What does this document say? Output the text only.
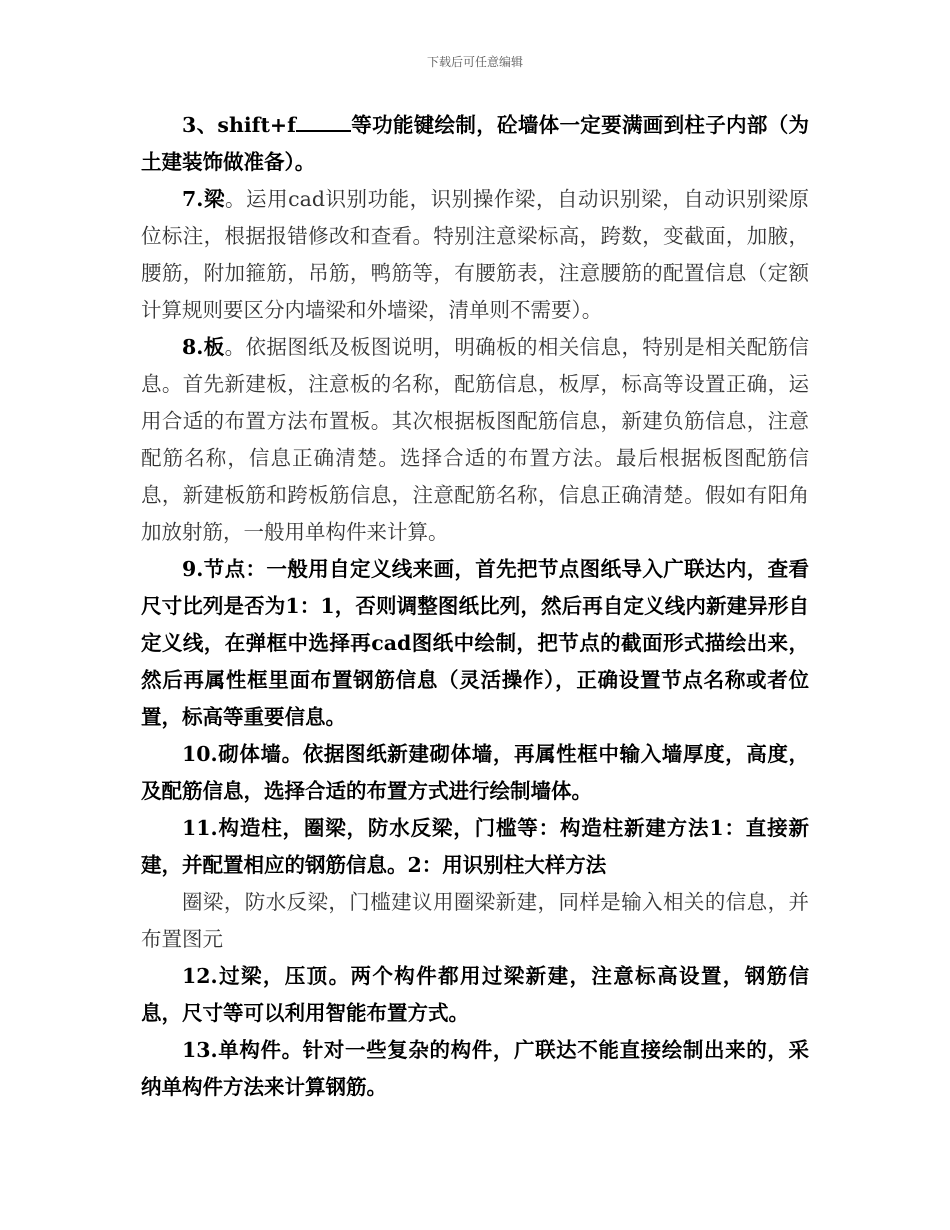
下载后可任意编辑

3、shift+f	等功能键绘制，砼墙体一定要满画到柱子内部（为土建装饰做准备）。

7.梁。运用cad识别功能，识别操作梁，自动识别梁，自动识别梁原位标注，根据报错修改和查看。特别注意梁标高，跨数，变截面，加腋，腰筋，附加箍筋，吊筋，鸭筋等，有腰筋表，注意腰筋的配置信息（定额计算规则要区分内墙梁和外墙梁，清单则不需要）。

8.板。依据图纸及板图说明，明确板的相关信息，特别是相关配筋信息。首先新建板，注意板的名称，配筋信息，板厚，标高等设置正确，运用合适的布置方法布置板。其次根据板图配筋信息，新建负筋信息，注意配筋名称，信息正确清楚。选择合适的布置方法。最后根据板图配筋信息，新建板筋和跨板筋信息，注意配筋名称，信息正确清楚。假如有阳角加放射筋，一般用单构件来计算。

9.节点：一般用自定义线来画，首先把节点图纸导入广联达内，查看尺寸比列是否为1：1，否则调整图纸比列，然后再自定义线内新建异形自定义线，在弹框中选择再cad图纸中绘制，把节点的截面形式描绘出来，然后再属性框里面布置钢筋信息（灵活操作），正确设置节点名称或者位置，标高等重要信息。

10.砌体墙。依据图纸新建砌体墙，再属性框中输入墙厚度，高度，及配筋信息，选择合适的布置方式进行绘制墙体。

11.构造柱，圈梁，防水反梁，门槛等：构造柱新建方法1：直接新建，并配置相应的钢筋信息。2：用识别柱大样方法

圈梁，防水反梁，门槛建议用圈梁新建，同样是输入相关的信息，并布置图元

12.过梁，压顶。两个构件都用过梁新建，注意标高设置，钢筋信息，尺寸等可以利用智能布置方式。

13.单构件。针对一些复杂的构件，广联达不能直接绘制出来的，采纳单构件方法来计算钢筋。
